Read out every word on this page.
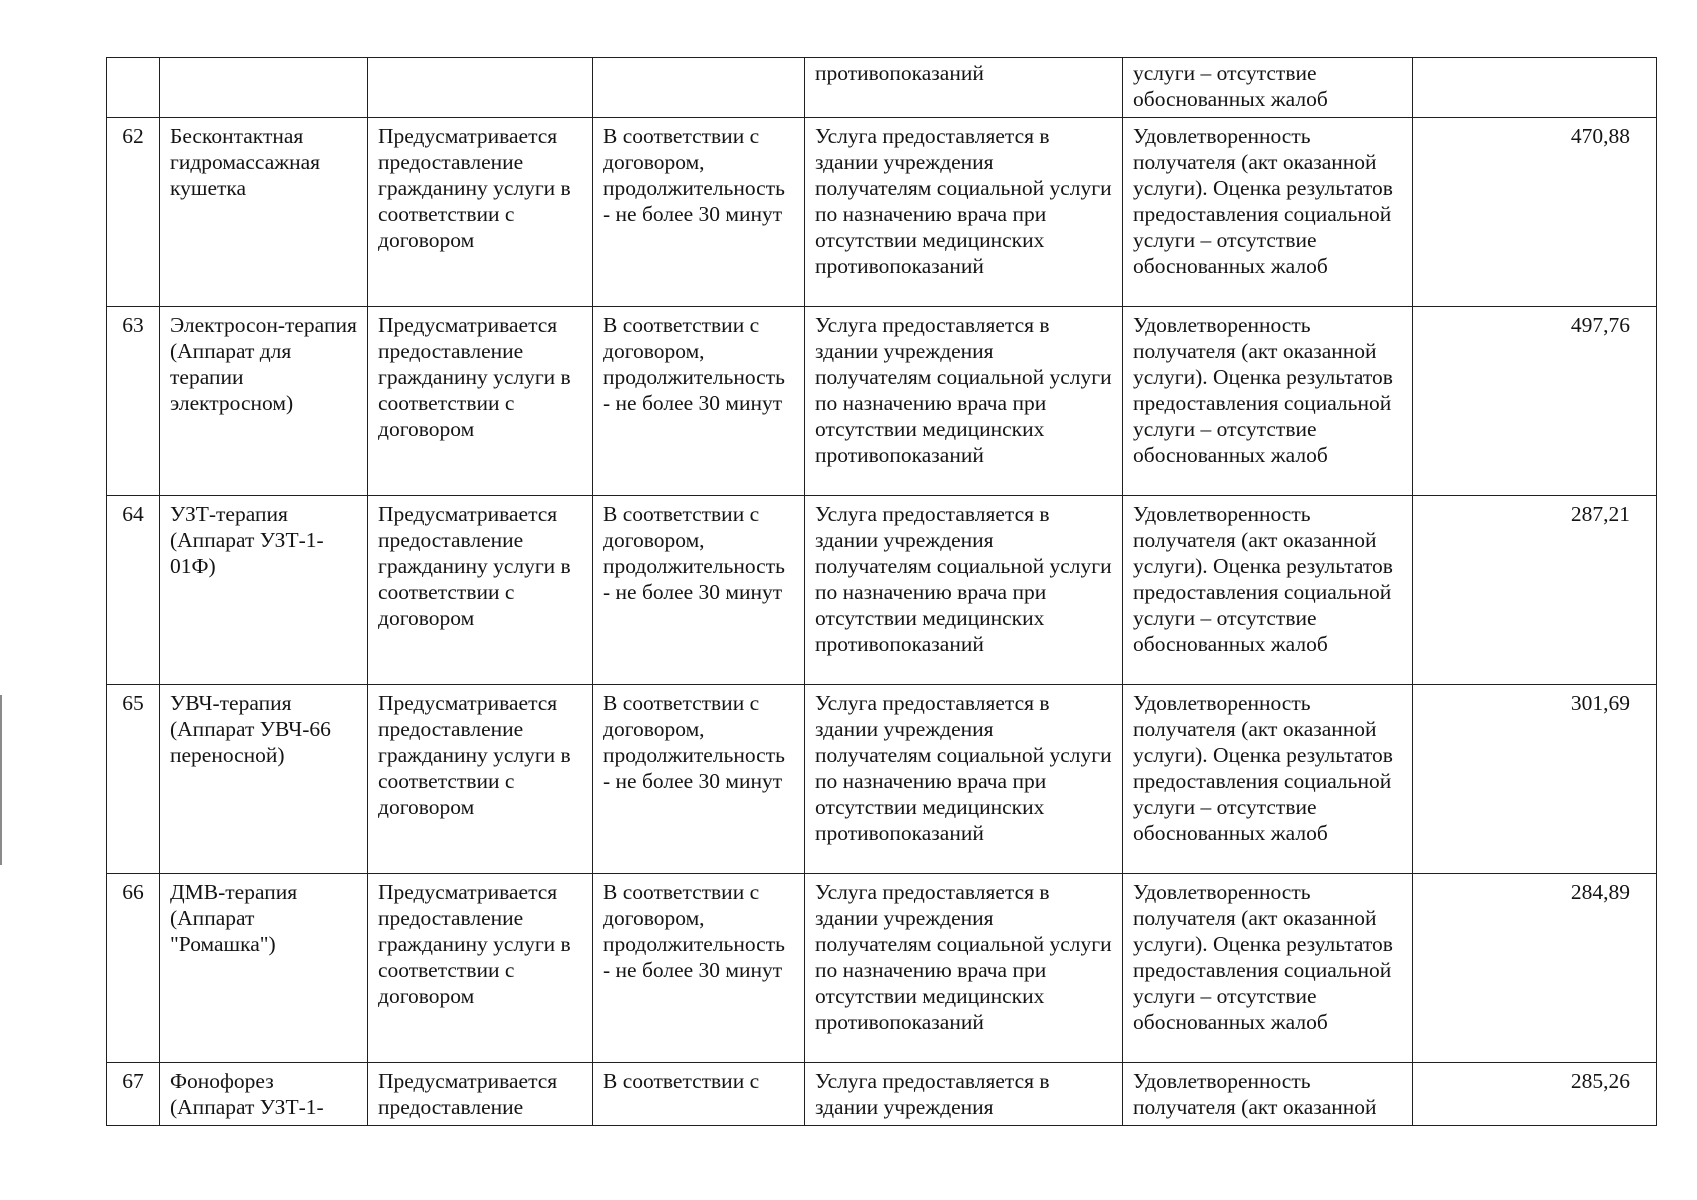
				противопоказаний	услуги – отсутствие обоснованных жалоб	
62	Бесконтактная гидромассажная кушетка	Предусматривается предоставление гражданину услуги в соответствии с договором	В соответствии с договором, продолжительность - не более 30 минут	Услуга предоставляется в здании учреждения получателям социальной услуги по назначению врача при отсутствии медицинских противопоказаний	Удовлетворенность получателя (акт оказанной услуги). Оценка результатов предоставления социальной услуги – отсутствие обоснованных жалоб	470,88
63	Электросон-терапия (Аппарат для терапии электросном)	Предусматривается предоставление гражданину услуги в соответствии с договором	В соответствии с договором, продолжительность - не более 30 минут	Услуга предоставляется в здании учреждения получателям социальной услуги по назначению врача при отсутствии медицинских противопоказаний	Удовлетворенность получателя (акт оказанной услуги). Оценка результатов предоставления социальной услуги – отсутствие обоснованных жалоб	497,76
64	УЗТ-терапия (Аппарат УЗТ-1-01Ф)	Предусматривается предоставление гражданину услуги в соответствии с договором	В соответствии с договором, продолжительность - не более 30 минут	Услуга предоставляется в здании учреждения получателям социальной услуги по назначению врача при отсутствии медицинских противопоказаний	Удовлетворенность получателя (акт оказанной услуги). Оценка результатов предоставления социальной услуги – отсутствие обоснованных жалоб	287,21
65	УВЧ-терапия (Аппарат УВЧ-66 переносной)	Предусматривается предоставление гражданину услуги в соответствии с договором	В соответствии с договором, продолжительность - не более 30 минут	Услуга предоставляется в здании учреждения получателям социальной услуги по назначению врача при отсутствии медицинских противопоказаний	Удовлетворенность получателя (акт оказанной услуги). Оценка результатов предоставления социальной услуги – отсутствие обоснованных жалоб	301,69
66	ДМВ-терапия (Аппарат "Ромашка")	Предусматривается предоставление гражданину услуги в соответствии с договором	В соответствии с договором, продолжительность - не более 30 минут	Услуга предоставляется в здании учреждения получателям социальной услуги по назначению врача при отсутствии медицинских противопоказаний	Удовлетворенность получателя (акт оказанной услуги). Оценка результатов предоставления социальной услуги – отсутствие обоснованных жалоб	284,89
67	Фонофорез (Аппарат УЗТ-1-	Предусматривается предоставление	В соответствии с	Услуга предоставляется в здании учреждения	Удовлетворенность получателя (акт оказанной	285,26
